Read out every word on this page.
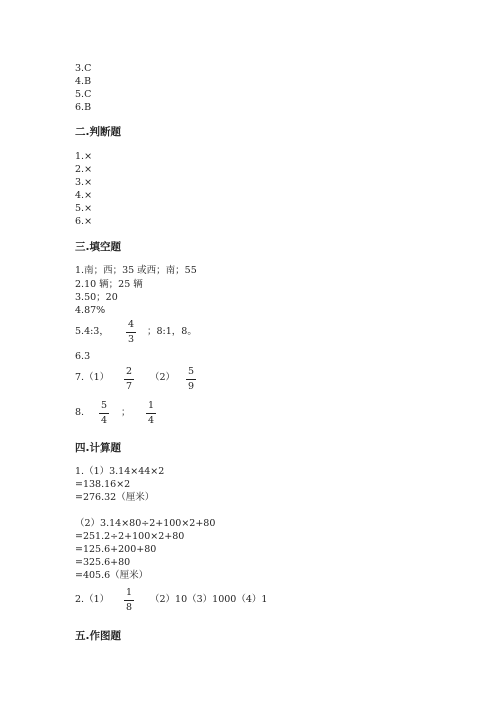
3.C
4.B
5.C
6.B
二.判断题
1.×
2.×
3.×
4.×
5.×
6.×
三.填空题
1.南；西；35 或西；南；55
2.10 辆；25 辆
3.50；20
4.87%
5.4:3，
4
3
；8:1，8。
6.3
7.（1）
2
7
（2）
5
9
8.
5
4
；
1
4
四.计算题
1.（1）3.14×44×2
=138.16×2
=276.32（厘米）
（2）3.14×80÷2+100×2+80
=251.2÷2+100×2+80
=125.6+200+80
=325.6+80
=405.6（厘米）
2.（1）
1
8
（2）10（3）1000（4）1
五.作图题
